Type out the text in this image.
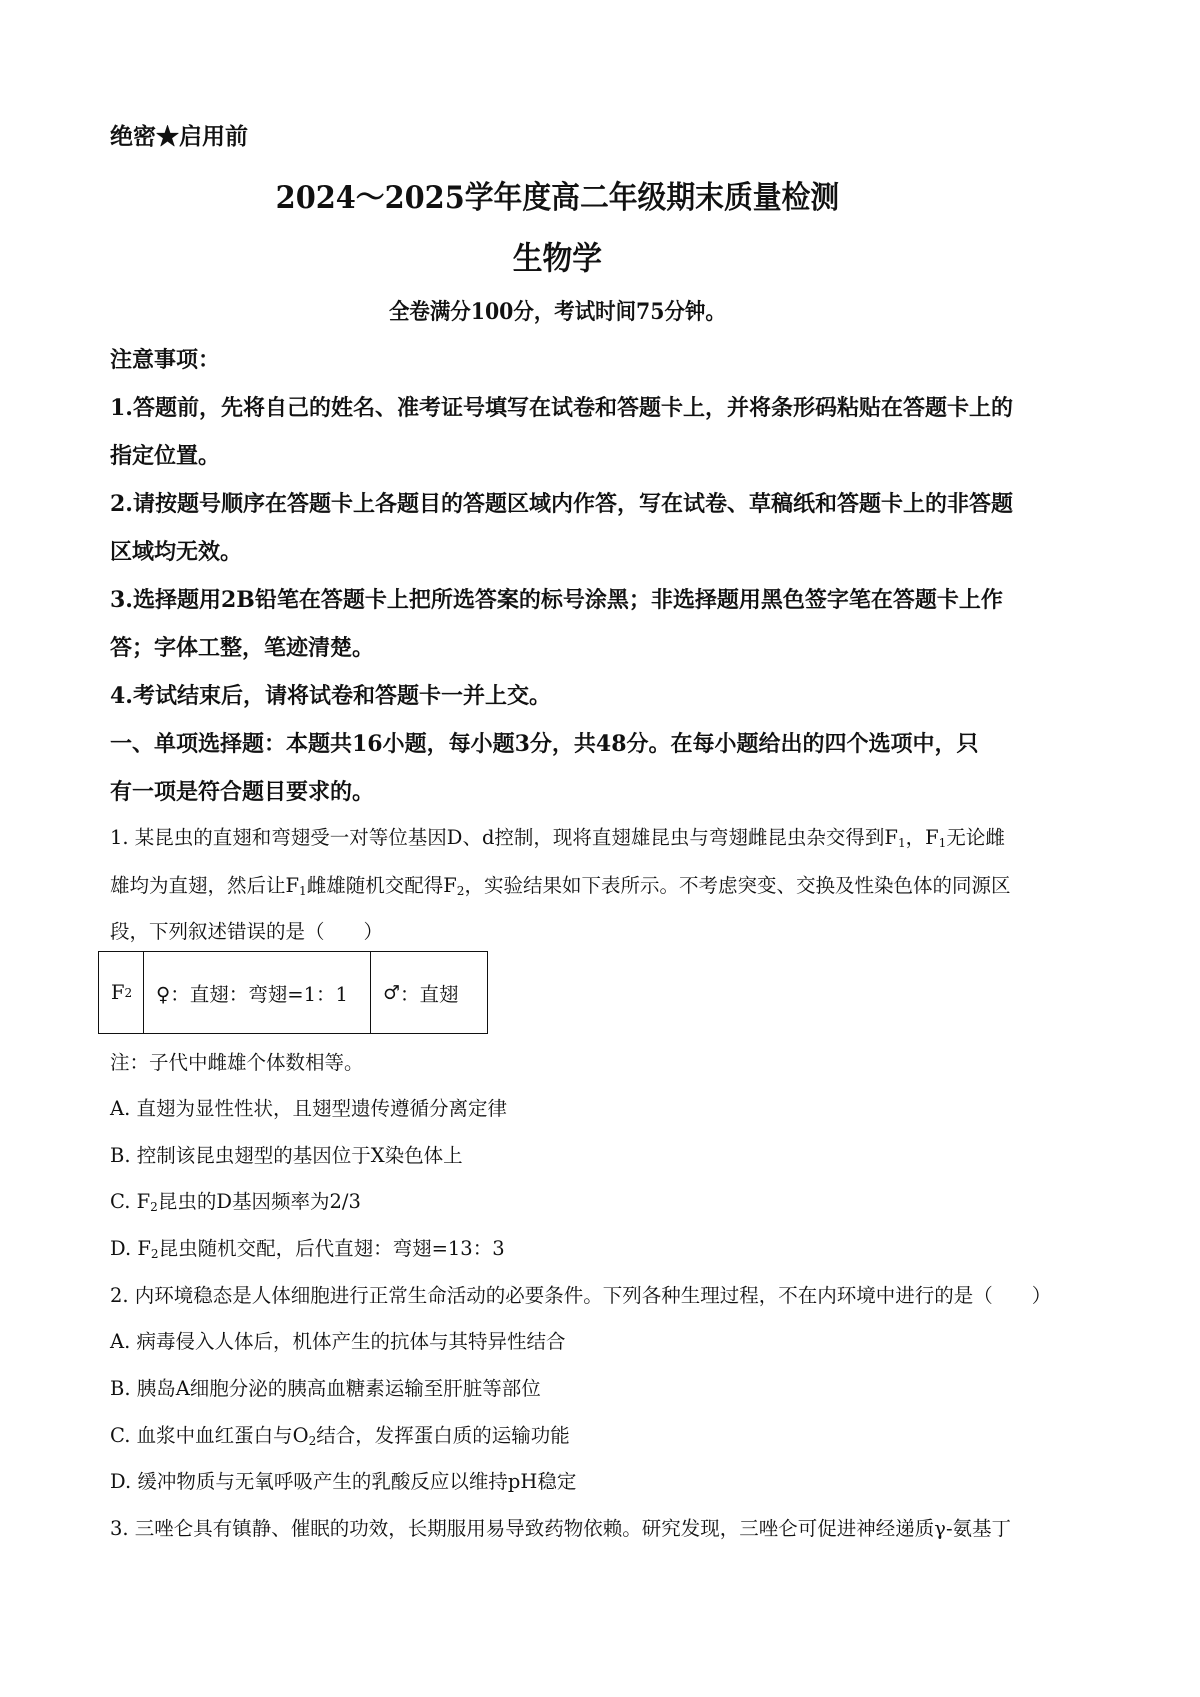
绝密★启用前
2024～2025学年度高二年级期末质量检测
生物学
全卷满分100分，考试时间75分钟。
注意事项：
1.答题前，先将自己的姓名、准考证号填写在试卷和答题卡上，并将条形码粘贴在答题卡上的
指定位置。
2.请按题号顺序在答题卡上各题目的答题区域内作答，写在试卷、草稿纸和答题卡上的非答题
区域均无效。
3.选择题用2B铅笔在答题卡上把所选答案的标号涂黑；非选择题用黑色签字笔在答题卡上作
答；字体工整，笔迹清楚。
4.考试结束后，请将试卷和答题卡一并上交。
一、单项选择题：本题共16小题，每小题3分，共48分。在每小题给出的四个选项中，只
有一项是符合题目要求的。
1. 某昆虫的直翅和弯翅受一对等位基因D、d控制，现将直翅雄昆虫与弯翅雌昆虫杂交得到$F_1$，$F_1$无论雌
雄均为直翅，然后让$F_1$雌雄随机交配得$F_2$，实验结果如下表所示。不考虑突变、交换及性染色体的同源区
段，下列叙述错误的是（　　）
F 2	♀：直翅：弯翅=1：1	♂ ：直翅
注：子代中雌雄个体数相等。
A. 直翅为显性性状，且翅型遗传遵循分离定律
B. 控制该昆虫翅型的基因位于X染色体上
C. $F_2$昆虫的D基因频率为2/3
D. $F_2$昆虫随机交配，后代直翅：弯翅=13：3
2. 内环境稳态是人体细胞进行正常生命活动的必要条件。下列各种生理过程，不在内环境中进行的是（　　）
A. 病毒侵入人体后，机体产生的抗体与其特异性结合
B. 胰岛A细胞分泌的胰高血糖素运输至肝脏等部位
C. 血浆中血红蛋白与$O_2$结合，发挥蛋白质的运输功能
D. 缓冲物质与无氧呼吸产生的乳酸反应以维持pH稳定
3. 三唑仑具有镇静、催眠的功效，长期服用易导致药物依赖。研究发现，三唑仑可促进神经递质γ-氨基丁
